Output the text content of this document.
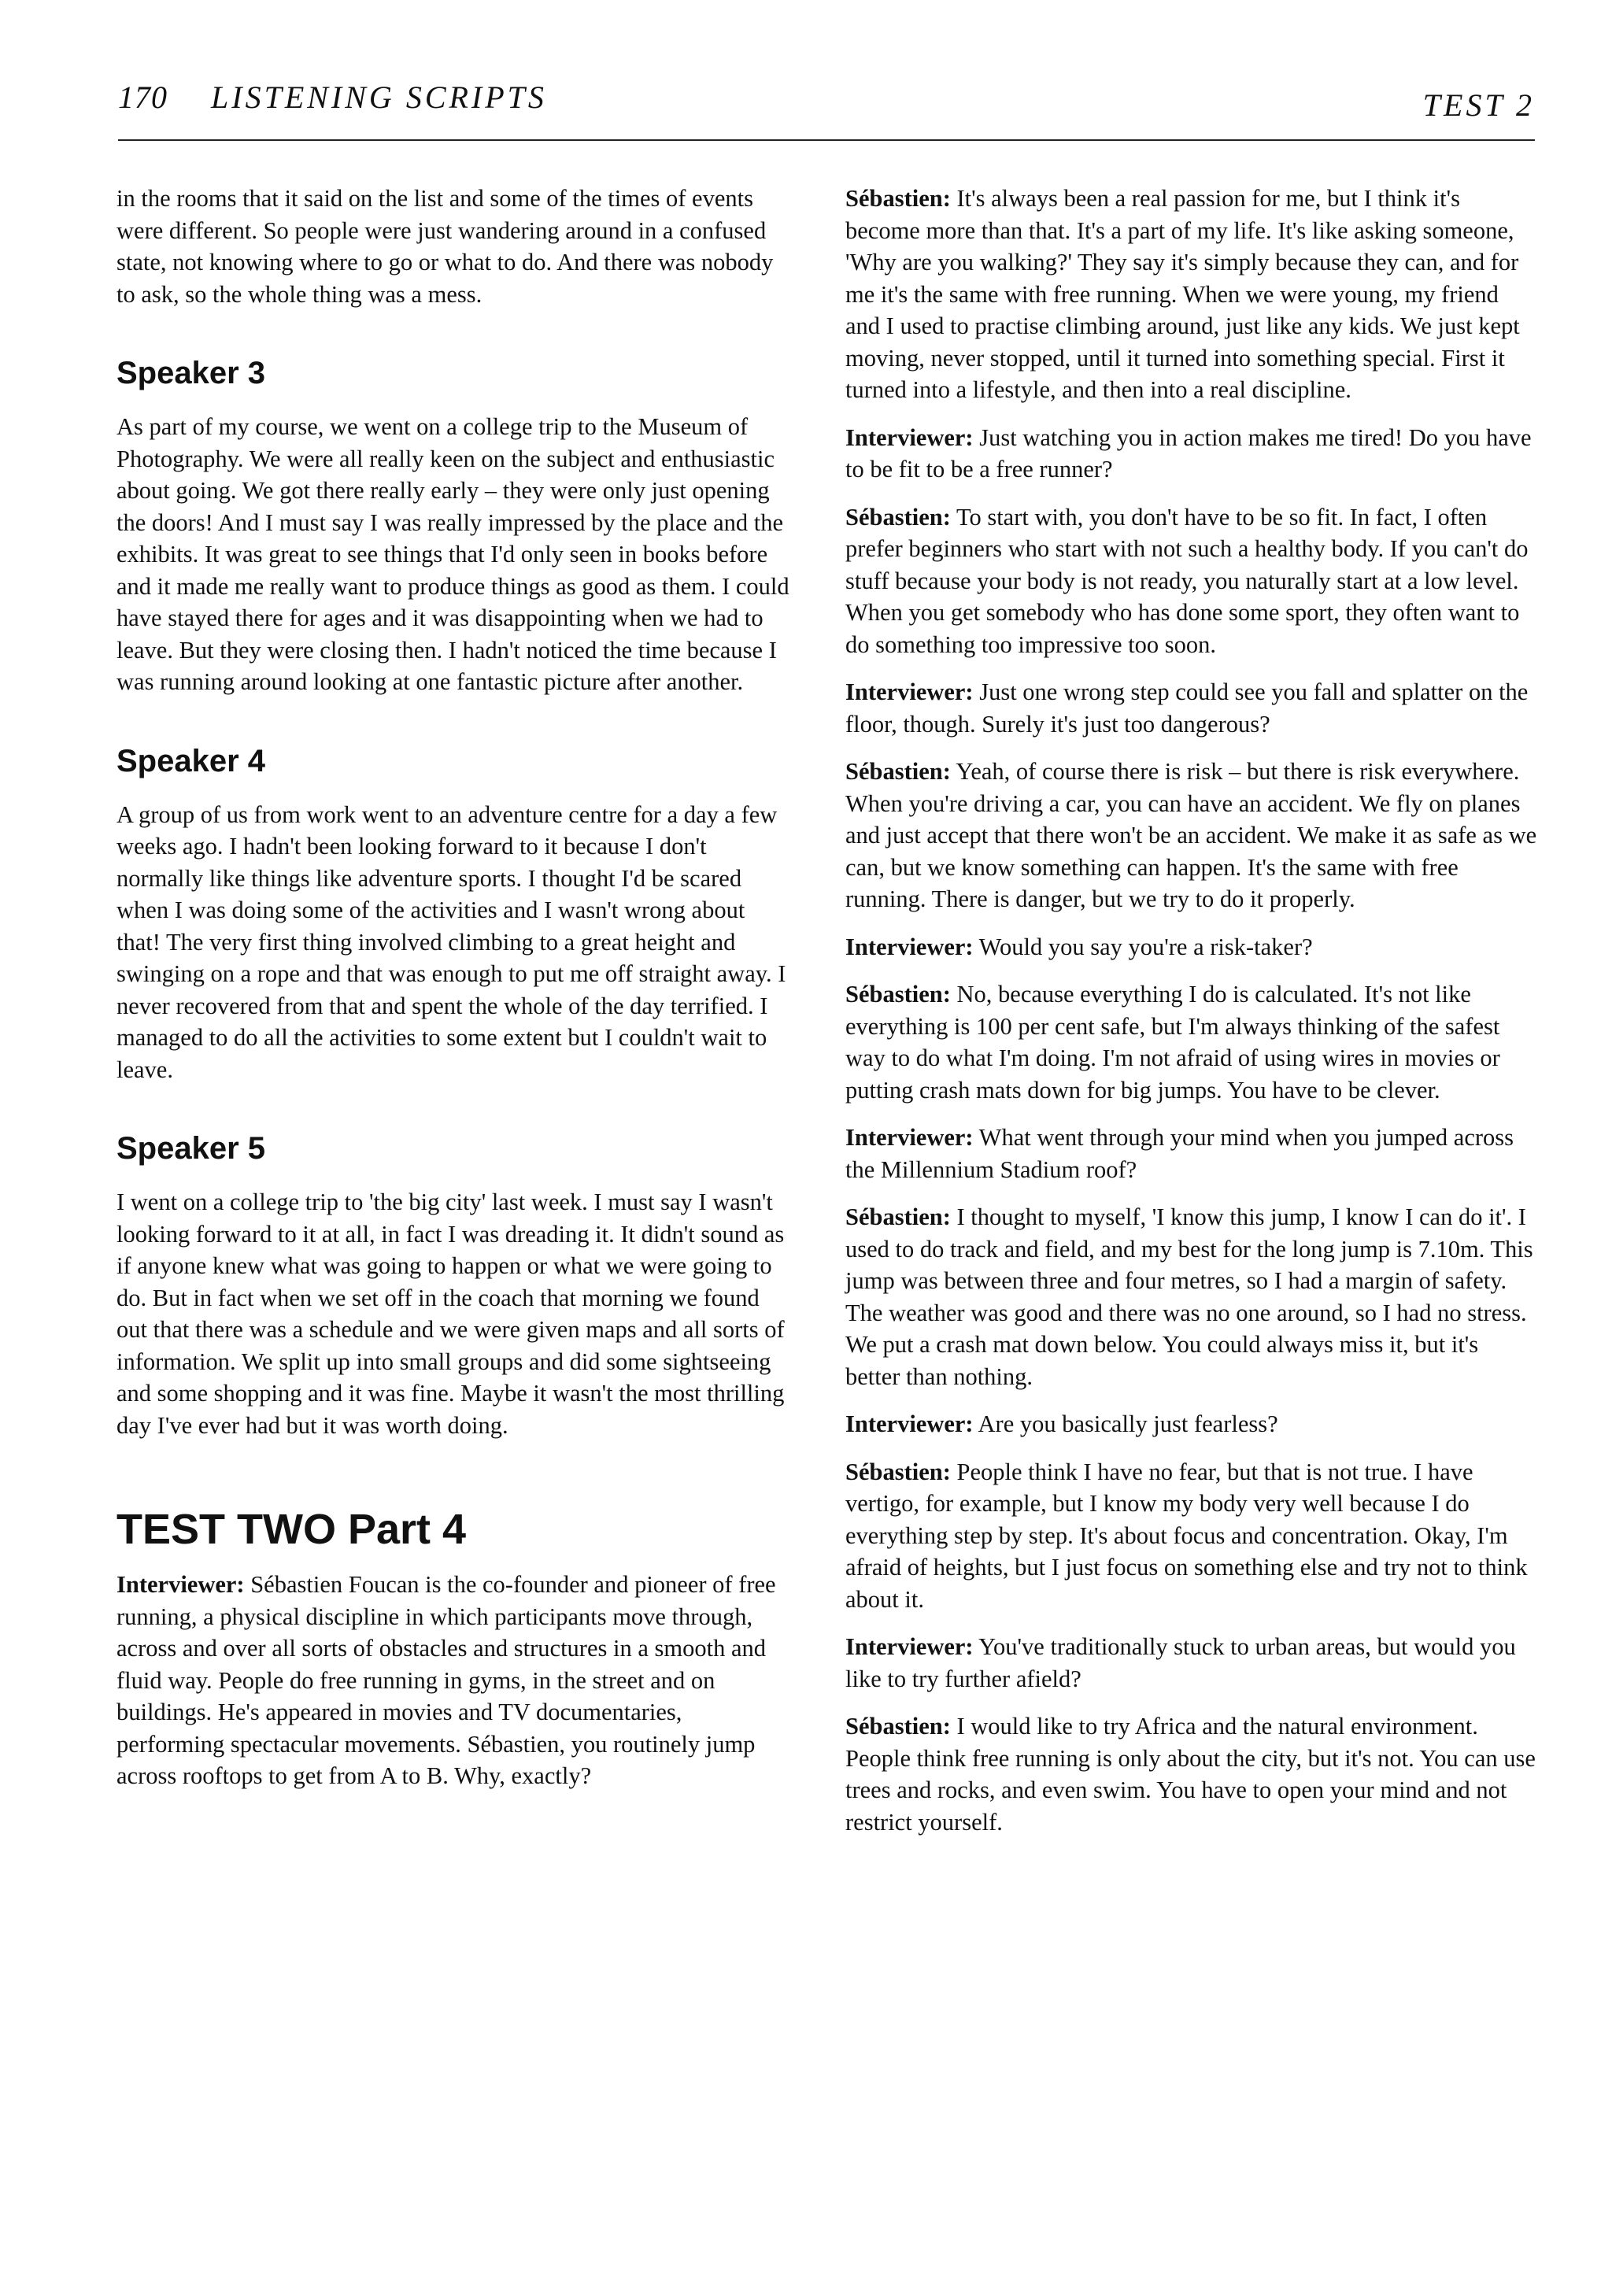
170 LISTENING SCRIPTS	TEST 2

in the rooms that it said on the list and some of the times of events were different. So people were just wandering around in a confused state, not knowing where to go or what to do. And there was nobody to ask, so the whole thing was a mess.

Speaker 3

As part of my course, we went on a college trip to the Museum of Photography. We were all really keen on the subject and enthusiastic about going. We got there really early – they were only just opening the doors! And I must say I was really impressed by the place and the exhibits. It was great to see things that I'd only seen in books before and it made me really want to produce things as good as them. I could have stayed there for ages and it was disappointing when we had to leave. But they were closing then. I hadn't noticed the time because I was running around looking at one fantastic picture after another.

Speaker 4

A group of us from work went to an adventure centre for a day a few weeks ago. I hadn't been looking forward to it because I don't normally like things like adventure sports. I thought I'd be scared when I was doing some of the activities and I wasn't wrong about that! The very first thing involved climbing to a great height and swinging on a rope and that was enough to put me off straight away. I never recovered from that and spent the whole of the day terrified. I managed to do all the activities to some extent but I couldn't wait to leave.

Speaker 5

I went on a college trip to 'the big city' last week. I must say I wasn't looking forward to it at all, in fact I was dreading it. It didn't sound as if anyone knew what was going to happen or what we were going to do. But in fact when we set off in the coach that morning we found out that there was a schedule and we were given maps and all sorts of information. We split up into small groups and did some sightseeing and some shopping and it was fine. Maybe it wasn't the most thrilling day I've ever had but it was worth doing.

TEST TWO Part 4

Interviewer: Sébastien Foucan is the co-founder and pioneer of free running, a physical discipline in which participants move through, across and over all sorts of obstacles and structures in a smooth and fluid way. People do free running in gyms, in the street and on buildings. He's appeared in movies and TV documentaries, performing spectacular movements. Sébastien, you routinely jump across rooftops to get from A to B. Why, exactly?

Sébastien: It's always been a real passion for me, but I think it's become more than that. It's a part of my life. It's like asking someone, 'Why are you walking?' They say it's simply because they can, and for me it's the same with free running. When we were young, my friend and I used to practise climbing around, just like any kids. We just kept moving, never stopped, until it turned into something special. First it turned into a lifestyle, and then into a real discipline.

Interviewer: Just watching you in action makes me tired! Do you have to be fit to be a free runner?

Sébastien: To start with, you don't have to be so fit. In fact, I often prefer beginners who start with not such a healthy body. If you can't do stuff because your body is not ready, you naturally start at a low level. When you get somebody who has done some sport, they often want to do something too impressive too soon.

Interviewer: Just one wrong step could see you fall and splatter on the floor, though. Surely it's just too dangerous?

Sébastien: Yeah, of course there is risk – but there is risk everywhere. When you're driving a car, you can have an accident. We fly on planes and just accept that there won't be an accident. We make it as safe as we can, but we know something can happen. It's the same with free running. There is danger, but we try to do it properly.

Interviewer: Would you say you're a risk-taker?

Sébastien: No, because everything I do is calculated. It's not like everything is 100 per cent safe, but I'm always thinking of the safest way to do what I'm doing. I'm not afraid of using wires in movies or putting crash mats down for big jumps. You have to be clever.

Interviewer: What went through your mind when you jumped across the Millennium Stadium roof?

Sébastien: I thought to myself, 'I know this jump, I know I can do it'. I used to do track and field, and my best for the long jump is 7.10m. This jump was between three and four metres, so I had a margin of safety. The weather was good and there was no one around, so I had no stress. We put a crash mat down below. You could always miss it, but it's better than nothing.

Interviewer: Are you basically just fearless?

Sébastien: People think I have no fear, but that is not true. I have vertigo, for example, but I know my body very well because I do everything step by step. It's about focus and concentration. Okay, I'm afraid of heights, but I just focus on something else and try not to think about it.

Interviewer: You've traditionally stuck to urban areas, but would you like to try further afield?

Sébastien: I would like to try Africa and the natural environment. People think free running is only about the city, but it's not. You can use trees and rocks, and even swim. You have to open your mind and not restrict yourself.
